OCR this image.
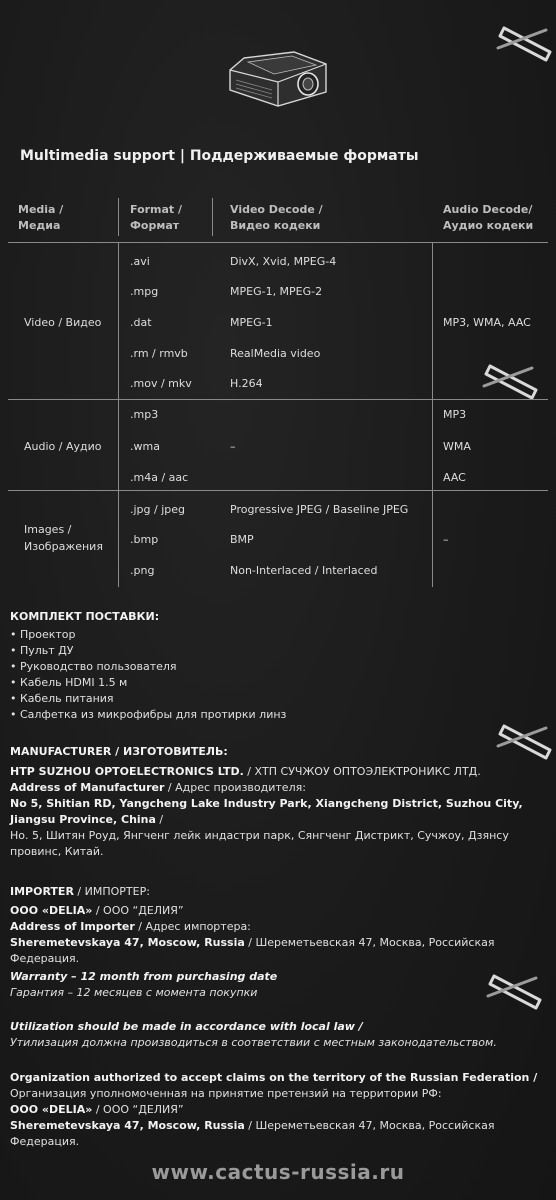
Multimedia support | Поддерживаемые форматы
Media /
Медиа
Format /
Формат
Video Decode /
Видео кодеки
Audio Decode/
Аудио кодеки
Video / Видео
.avi
.mpg
.dat
.rm / rmvb
.mov / mkv
DivX, Xvid, MPEG-4
MPEG-1, MPEG-2
MPEG-1
RealMedia video
H.264
MP3, WMA, AAC
Audio / Аудио
.mp3
.wma
.m4a / aac
–
MP3
WMA
AAC
Images /
Изображения
.jpg / jpeg
.bmp
.png
Progressive JPEG / Baseline JPEG
BMP
Non-Interlaced / Interlaced
–
КОМПЛЕКТ ПОСТАВКИ:
• Проектор
• Пульт ДУ
• Руководство пользователя
• Кабель HDMI 1.5 м
• Кабель питания
• Салфетка из микрофибры для протирки линз
MANUFACTURER / ИЗГОТОВИТЕЛЬ:
HTP SUZHOU OPTOELECTRONICS LTD. / ХТП СУЧЖОУ ОПТОЭЛЕКТРОНИКС ЛТД.
Address of Manufacturer / Адрес производителя:
No 5, Shitian RD, Yangcheng Lake Industry Park, Xiangcheng District, Suzhou City, Jiangsu Province, China /
Но. 5, Шитян Роуд, Янгченг лейк индастри парк, Сянгченг Дистрикт, Сучжоу, Дзянсу провинс, Китай.
IMPORTER / ИМПОРТЕР:
ООО «DELIA» / ООО “ДЕЛИЯ”
Address of Importer / Адрес импортера:
Sheremetevskaya 47, Moscow, Russia / Шереметьевская 47, Москва, Российская Федерация.
Warranty – 12 month from purchasing date
Гарантия – 12 месяцев с момента покупки
Utilization should be made in accordance with local law /
Утилизация должна производиться в соответствии с местным законодательством.
Organization authorized to accept claims on the territory of the Russian Federation /
Организация уполномоченная на принятие претензий на территории РФ:
ООО «DELIA» / ООО “ДЕЛИЯ”
Sheremetevskaya 47, Moscow, Russia / Шереметьевская 47, Москва, Российская Федерация.
www.cactus-russia.ru
